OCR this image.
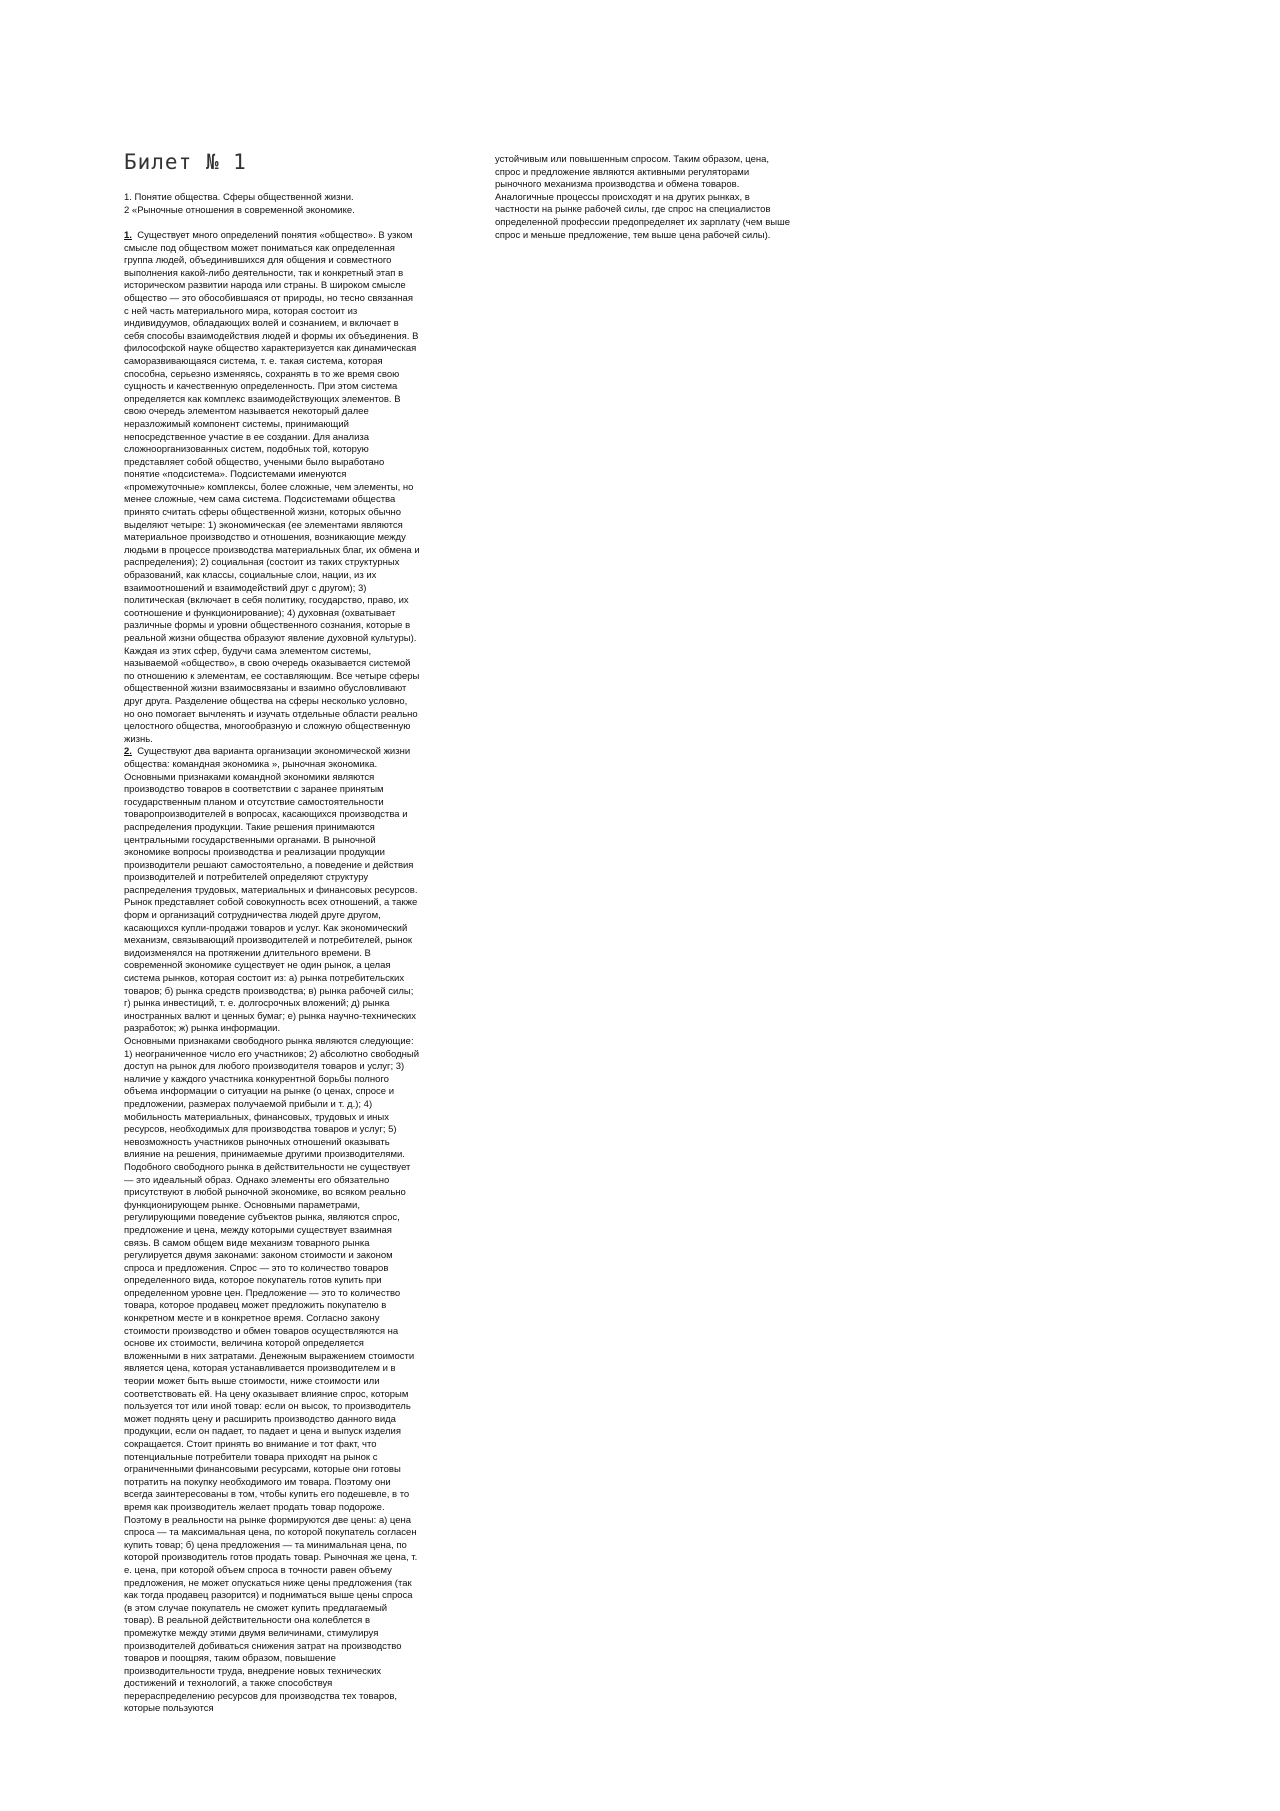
Билет № 1
1. Понятие общества. Сферы общественной жизни.
2 «Рыночные отношения в современной экономике.

1. Существует много определений понятия «общество». В узком смысле под обществом может пониматься как определенная группа людей, объединившихся для общения и совместного выполнения какой-либо деятельности, так и конкретный этап в историческом развитии народа или страны. В широком смысле общество — это обособившаяся от природы, но тесно связанная с ней часть материального мира, которая состоит из индивидуумов, обладающих волей и сознанием, и включает в себя способы взаимодействия людей и формы их объединения. В философской науке общество характеризуется как динамическая саморазвивающаяся система, т. е. такая система, которая способна, серьезно изменяясь, сохранять в то же время свою сущность и качественную определенность. При этом система определяется как комплекс взаимодействующих элементов. В свою очередь элементом называется некоторый далее неразложимый компонент системы, принимающий непосредственное участие в ее создании. Для анализа сложноорганизованных систем, подобных той, которую представляет собой общество, учеными было выработано понятие «подсистема». Подсистемами именуются «промежуточные» комплексы, более сложные, чем элементы, но менее сложные, чем сама система. Подсистемами общества принято считать сферы общественной жизни, которых обычно выделяют четыре: 1) экономическая (ее элементами являются материальное производство и отношения, возникающие между людьми в процессе производства материальных благ, их обмена и распределения); 2) социальная (состоит из таких структурных образований, как классы, социальные слои, нации, из их взаимоотношений и взаимодействий друг с другом); 3) политическая (включает в себя политику, государство, право, их соотношение и функционирование); 4) духовная (охватывает различные формы и уровни общественного сознания, которые в реальной жизни общества образуют явление духовной культуры). Каждая из этих сфер, будучи сама элементом системы, называемой «общество», в свою очередь оказывается системой по отношению к элементам, ее составляющим. Все четыре сферы общественной жизни взаимосвязаны и взаимно обусловливают друг друга. Разделение общества на сферы несколько условно, но оно помогает вычленять и изучать отдельные области реально целостного общества, многообразную и сложную общественную жизнь.

2. Существуют два варианта организации экономической жизни общества: командная экономика », рыночная экономика. Основными признаками командной экономики являются производство товаров в соответствии с заранее принятым государственным планом и отсутствие самостоятельности товаропроизводителей в вопросах, касающихся производства и распределения продукции. Такие решения принимаются центральными государственными органами. В рыночной экономике вопросы производства и реализации продукции производители решают самостоятельно, а поведение и действия производителей и потребителей определяют структуру распределения трудовых, материальных и финансовых ресурсов. Рынок представляет собой совокупность всех отношений, а также форм и организаций сотрудничества людей друге другом, касающихся купли-продажи товаров и услуг. Как экономический механизм, связывающий производителей и потребителей, рынок видоизменялся на протяжении длительного времени. В современной экономике существует не один рынок, а целая система рынков, которая состоит из: а) рынка потребительских товаров; б) рынка средств производства; в) рынка рабочей силы; г) рынка инвестиций, т. е. долгосрочных вложений; д) рынка иностранных валют и ценных бумаг; е) рынка научно-технических разработок; ж) рынка информации.

Основными признаками свободного рынка являются следующие: 1) неограниченное число его участников; 2) абсолютно свободный доступ на рынок для любого производителя товаров и услуг; 3) наличие у каждого участника конкурентной борьбы полного объема информации о ситуации на рынке (о ценах, спросе и предложении, размерах получаемой прибыли и т. д.); 4) мобильность материальных, финансовых, трудовых и иных ресурсов, необходимых для производства товаров и услуг; 5) невозможность участников рыночных отношений оказывать влияние на решения, принимаемые другими производителями. Подобного свободного рынка в действительности не существует — это идеальный образ. Однако элементы его обязательно присутствуют в любой рыночной экономике, во всяком реально функционирующем рынке. Основными параметрами, регулирующими поведение субъектов рынка, являются спрос, предложение и цена, между которыми существует взаимная связь. В самом общем виде механизм товарного рынка регулируется двумя законами: законом стоимости и законом спроса и предложения. Спрос — это то количество товаров определенного вида, которое покупатель готов купить при определенном уровне цен. Предложение — это то количество товара, которое продавец может предложить покупателю в конкретном месте и в конкретное время. Согласно закону стоимости производство и обмен товаров осуществляются на основе их стоимости, величина которой определяется вложенными в них затратами. Денежным выражением стоимости является цена, которая устанавливается производителем и в теории может быть выше стоимости, ниже стоимости или соответствовать ей. На цену оказывает влияние спрос, которым пользуется тот или иной товар: если он высок, то производитель может поднять цену и расширить производство данного вида продукции, если он падает, то падает и цена и выпуск изделия сокращается. Стоит принять во внимание и тот факт, что потенциальные потребители товара приходят на рынок с ограниченными финансовыми ресурсами, которые они готовы потратить на покупку необходимого им товара. Поэтому они всегда заинтересованы в том, чтобы купить его подешевле, в то время как производитель желает продать товар подороже. Поэтому в реальности на рынке формируются две цены: а) цена спроса — та максимальная цена, по которой покупатель согласен купить товар; б) цена предложения — та минимальная цена, по которой производитель готов продать товар. Рыночная же цена, т. е. цена, при которой объем спроса в точности равен объему предложения, не может опускаться ниже цены предложения (так как тогда продавец разорится) и подниматься выше цены спроса (в этом случае покупатель не сможет купить предлагаемый товар). В реальной действительности она колеблется в промежутке между этими двумя величинами, стимулируя производителей добиваться снижения затрат на производство товаров и поощряя, таким образом, повышение производительности труда, внедрение новых технических достижений и технологий, а также способствуя перераспределению ресурсов для производства тех товаров, которые пользуются

устойчивым или повышенным спросом. Таким образом, цена, спрос и предложение являются активными регуляторами рыночного механизма производства и обмена товаров. Аналогичные процессы происходят и на других рынках, в частности на рынке рабочей силы, где спрос на специалистов определенной профессии предопределяет их зарплату (чем выше спрос и меньше предложение, тем выше цена рабочей силы).
